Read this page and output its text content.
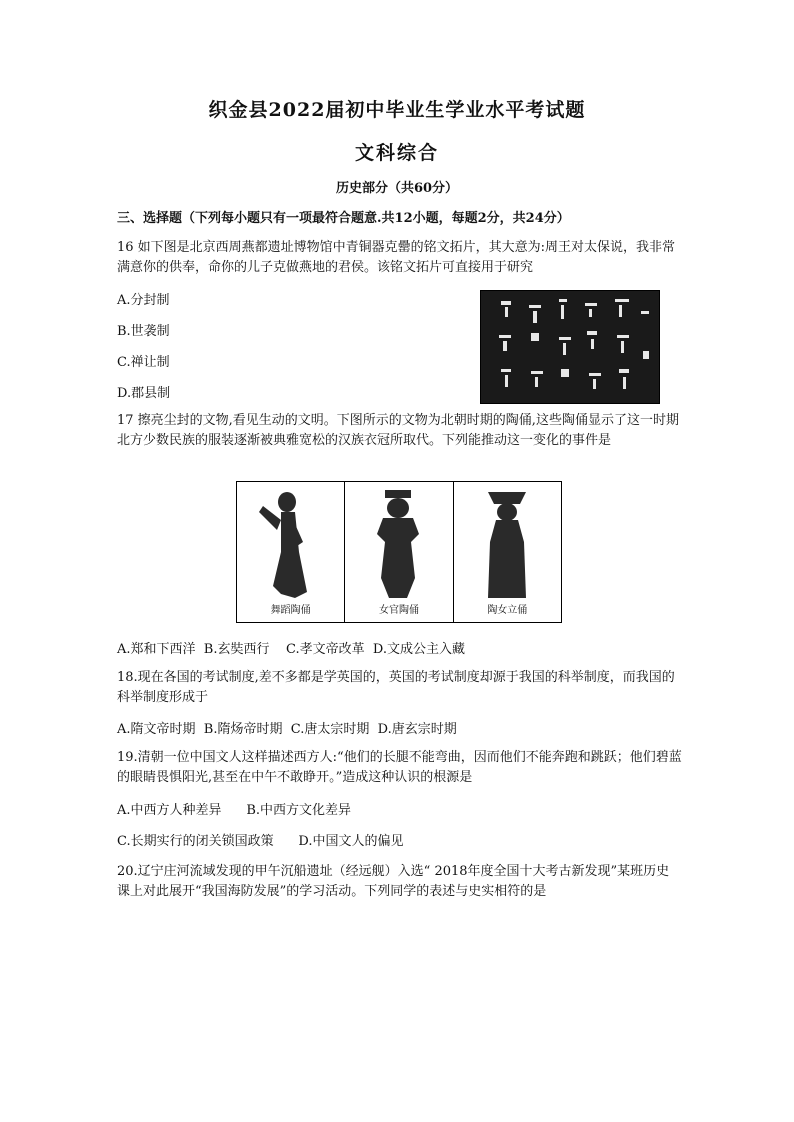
织金县2022届初中毕业生学业水平考试题
文科综合
历史部分（共60分）
三、选择题（下列每小题只有一项最符合题意.共12小题，每题2分，共24分）
16 如下图是北京西周燕都遗址博物馆中青铜器克罍的铭文拓片，其大意为:周王对太保说，我非常满意你的供奉，命你的儿子克做燕地的君侯。该铭文拓片可直接用于研究
A.分封制
B.世袭制
C.禅让制
D.郡县制
17 擦亮尘封的文物,看见生动的文明。下图所示的文物为北朝时期的陶俑,这些陶俑显示了这一时期北方少数民族的服装逐渐被典雅宽松的汉族衣冠所取代。下列能推动这一变化的事件是
舞蹈陶俑	女官陶俑	陶女立俑
A.郑和下西洋  B.玄奘西行    C.孝文帝改革  D.文成公主入藏
18.现在各国的考试制度,差不多都是学英国的，英国的考试制度却源于我国的科举制度，而我国的科举制度形成于
A.隋文帝时期  B.隋炀帝时期  C.唐太宗时期  D.唐玄宗时期
19.清朝一位中国文人这样描述西方人:“他们的长腿不能弯曲，因而他们不能奔跑和跳跃；他们碧蓝的眼睛畏惧阳光,甚至在中午不敢睁开。”造成这种认识的根源是
A.中西方人种差异      B.中西方文化差异
C.长期实行的闭关锁国政策      D.中国文人的偏见
20.辽宁庄河流域发现的甲午沉船遗址（经远舰）入选“ 2018年度全国十大考古新发现”某班历史课上对此展开“我国海防发展”的学习活动。下列同学的表述与史实相符的是
